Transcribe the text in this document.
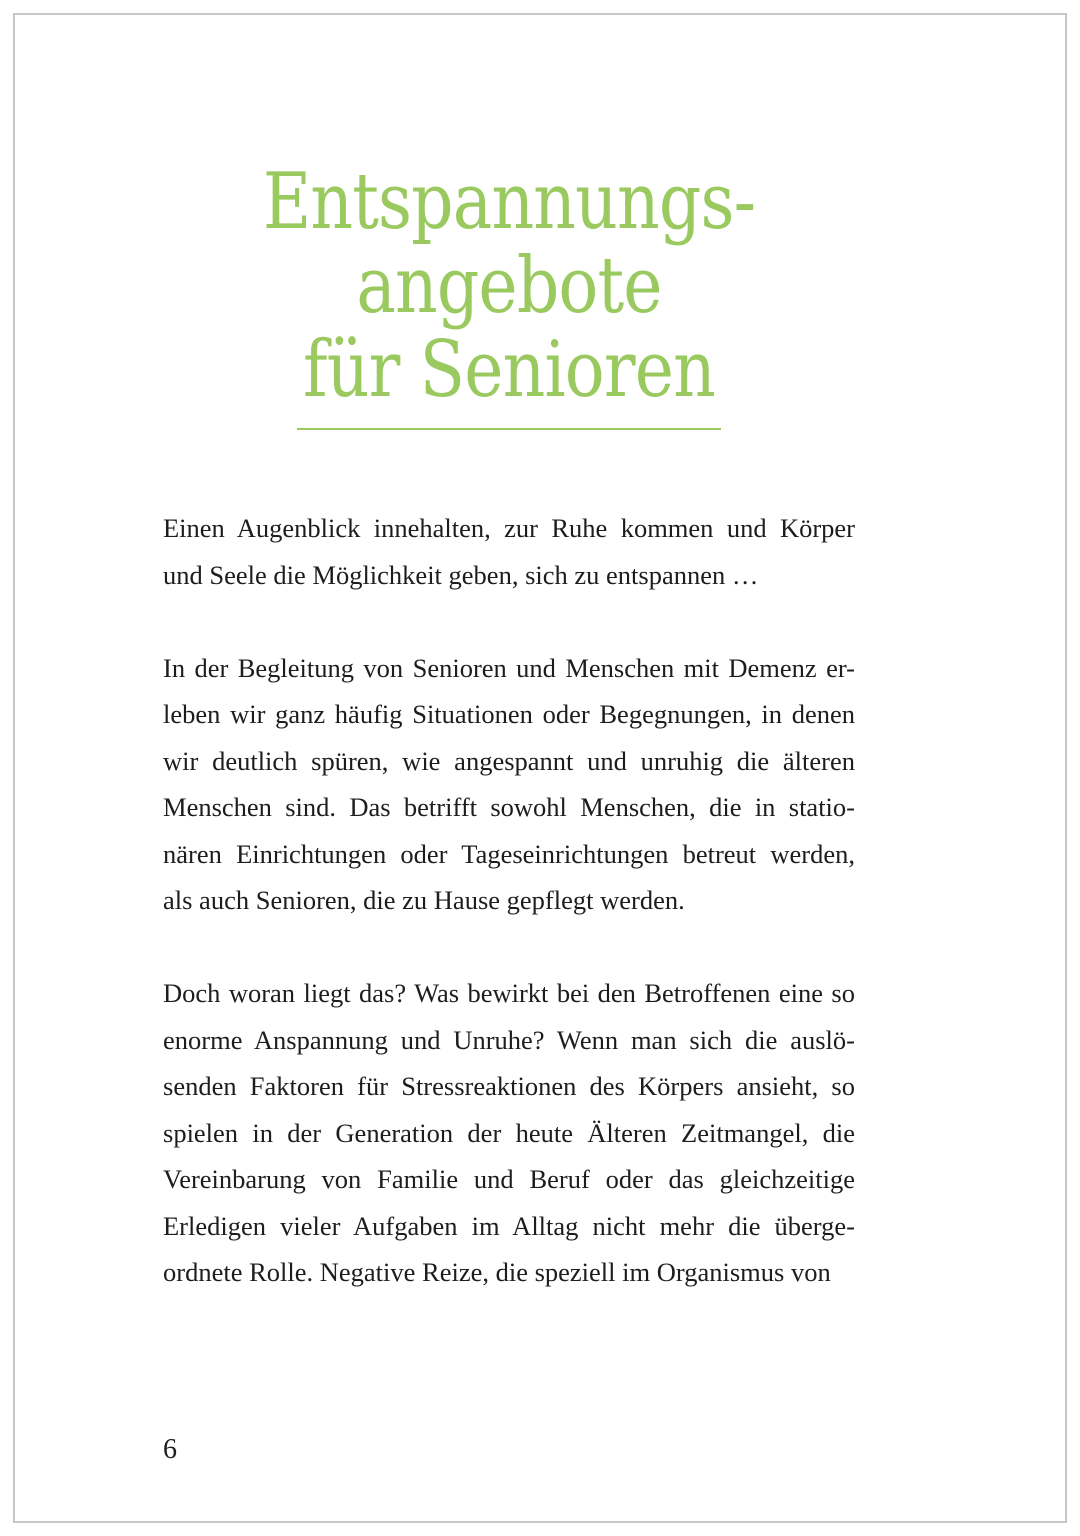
Entspannungs-
angebote
für Senioren
Einen Augenblick innehalten, zur Ruhe kommen und Körper
und Seele die Möglichkeit geben, sich zu entspannen …
In der Begleitung von Senioren und Menschen mit Demenz er-
leben wir ganz häufig Situationen oder Begegnungen, in denen
wir deutlich spüren, wie angespannt und unruhig die älteren
Menschen sind. Das betrifft sowohl Menschen, die in statio-
nären Einrichtungen oder Tageseinrichtungen betreut werden,
als auch Senioren, die zu Hause gepflegt werden.
Doch woran liegt das? Was bewirkt bei den Betroffenen eine so
enorme Anspannung und Unruhe? Wenn man sich die auslö-
senden Faktoren für Stressreaktionen des Körpers ansieht, so
spielen in der Generation der heute Älteren Zeitmangel, die
Vereinbarung von Familie und Beruf oder das gleichzeitige
Erledigen vieler Aufgaben im Alltag nicht mehr die überge-
ordnete Rolle. Negative Reize, die speziell im Organismus von
6
